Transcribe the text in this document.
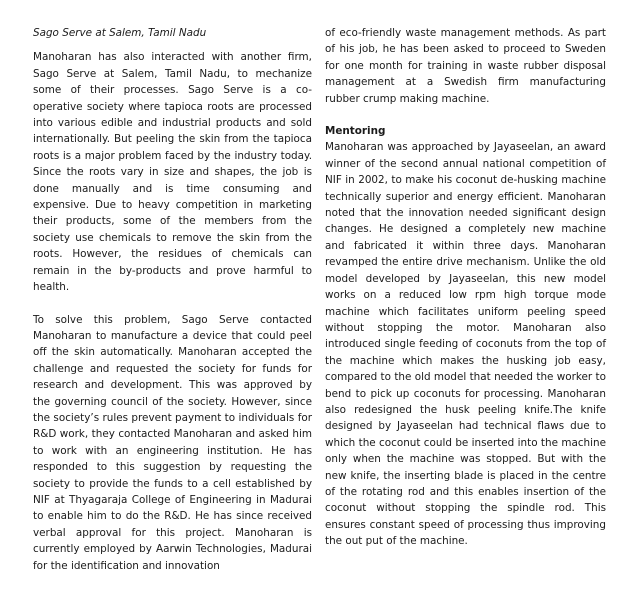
Sago Serve at Salem, Tamil Nadu

Manoharan has also interacted with another firm, Sago Serve at Salem, Tamil Nadu, to mechanize some of their processes. Sago Serve is a co-operative society where tapioca roots are processed into various edible and industrial products and sold internationally. But peeling the skin from the tapioca roots is a major problem faced by the industry today. Since the roots vary in size and shapes, the job is done manually and is time consuming and expensive. Due to heavy competition in marketing their products, some of the members from the society use chemicals to remove the skin from the roots. However, the residues of chemicals can remain in the by-products and prove harmful to health.

To solve this problem, Sago Serve contacted Manoharan to manufacture a device that could peel off the skin automatically. Manoharan accepted the challenge and requested the society for funds for research and development. This was approved by the governing council of the society. However, since the society’s rules prevent payment to individuals for R&D work, they contacted Manoharan and asked him to work with an engineering institution. He has responded to this suggestion by requesting the society to provide the funds to a cell established by NIF at Thyagaraja College of Engineering in Madurai to enable him to do the R&D. He has since received verbal approval for this project. Manoharan is currently employed by Aarwin Technologies, Madurai for the identification and innovation

of eco-friendly waste management methods. As part of his job, he has been asked to proceed to Sweden for one month for training in waste rubber disposal management at a Swedish firm manufacturing rubber crump making machine.

Mentoring

Manoharan was approached by Jayaseelan, an award winner of the second annual national competition of NIF in 2002, to make his coconut de-husking machine technically superior and energy efficient. Manoharan noted that the innovation needed significant design changes. He designed a completely new machine and fabricated it within three days. Manoharan revamped the entire drive mechanism. Unlike the old model developed by Jayaseelan, this new model works on a reduced low rpm high torque mode machine which facilitates uniform peeling speed without stopping the motor. Manoharan also introduced single feeding of coconuts from the top of the machine which makes the husking job easy, compared to the old model that needed the worker to bend to pick up coconuts for processing. Manoharan also redesigned the husk peeling knife.The knife designed by Jayaseelan had technical flaws due to which the coconut could be inserted into the machine only when the machine was stopped. But with the new knife, the inserting blade is placed in the centre of the rotating rod and this enables insertion of the coconut without stopping the spindle rod. This ensures constant speed of processing thus improving the out put of the machine.
